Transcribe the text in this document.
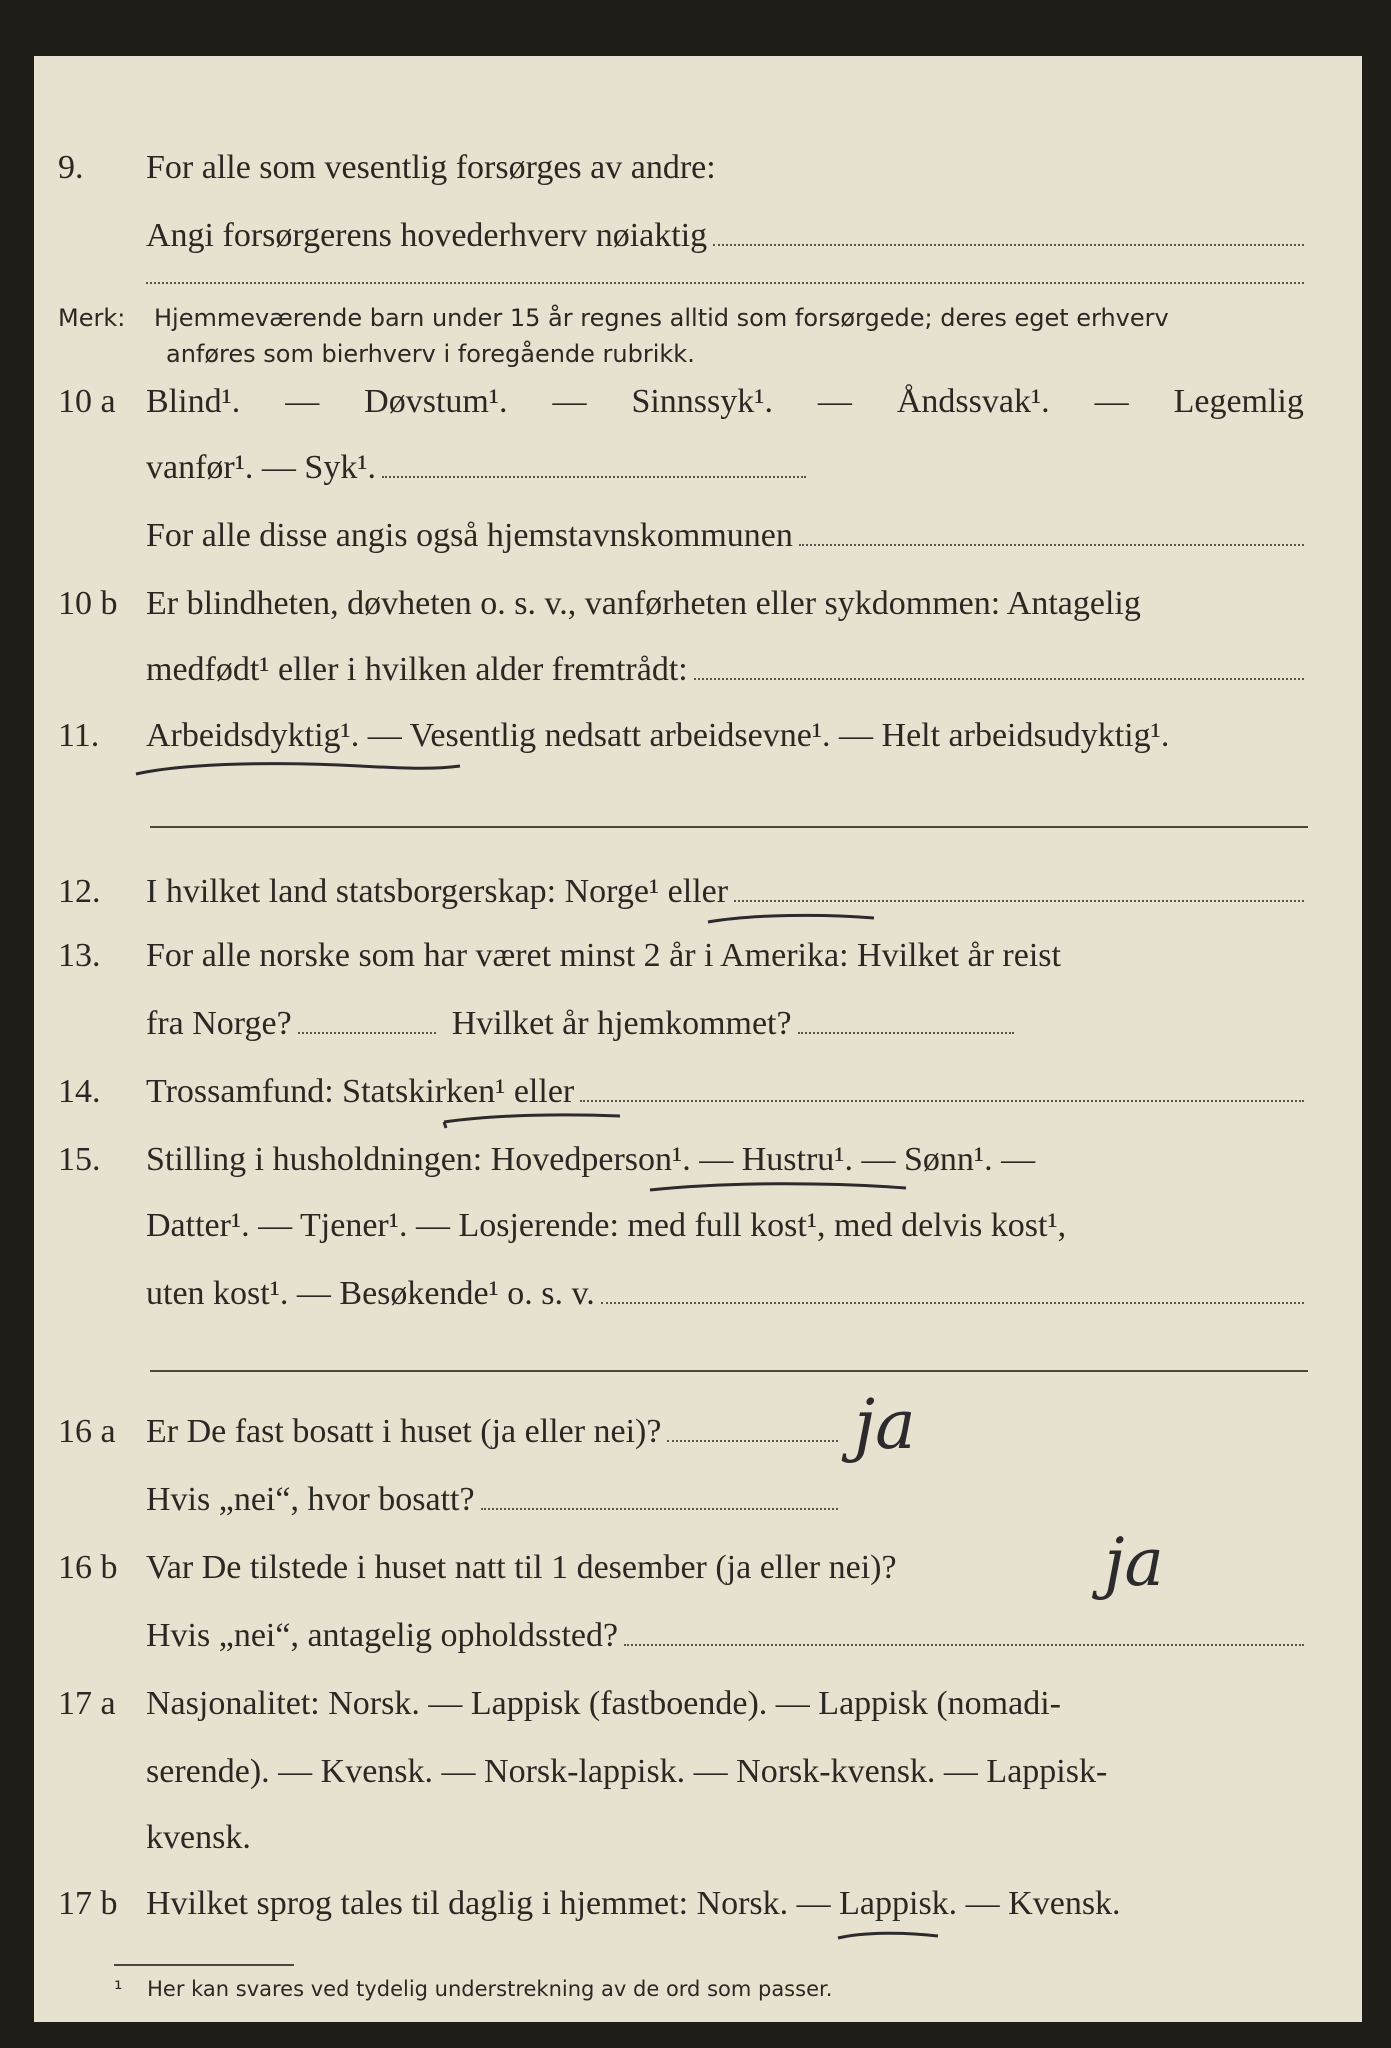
9.	For alle som vesentlig forsørges av andre:
Angi forsørgerens hovederhverv nøiaktig
Merk: Hjemmeværende barn under 15 år regnes alltid som forsørgede; deres eget erhverv
anføres som bierhverv i foregående rubrikk.
10 a Blind¹. — Døvstum¹. — Sinnssyk¹. — Åndssvak¹. — Legemlig
vanfør¹. — Syk¹.
For alle disse angis også hjemstavnskommunen
10 b Er blindheten, døvheten o. s. v., vanførheten eller sykdommen: Antagelig
medfødt¹ eller i hvilken alder fremtrådt:
11.	Arbeidsdyktig¹. — Vesentlig nedsatt arbeidsevne¹. — Helt arbeidsudyktig¹.
12.	I hvilket land statsborgerskap: Norge¹ eller
13.	For alle norske som har været minst 2 år i Amerika: Hvilket år reist
fra Norge?	Hvilket år hjemkommet?
14.	Trossamfund: Statskirken¹ eller
15.	Stilling i husholdningen: Hovedperson¹. — Hustru¹. — Sønn¹. —
Datter¹. — Tjener¹. — Losjerende: med full kost¹, med delvis kost¹,
uten kost¹. — Besøkende¹ o. s. v.
16 a Er De fast bosatt i huset (ja eller nei)?	ja
Hvis „nei“, hvor bosatt?
16 b Var De tilstede i huset natt til 1 desember (ja eller nei)?	ja
Hvis „nei“, antagelig opholdssted?
17 a Nasjonalitet: Norsk. — Lappisk (fastboende). — Lappisk (nomadi-
serende). — Kvensk. — Norsk-lappisk. — Norsk-kvensk. — Lappisk-
kvensk.
17 b Hvilket sprog tales til daglig i hjemmet: Norsk. — Lappisk. — Kvensk.
¹ Her kan svares ved tydelig understrekning av de ord som passer.
